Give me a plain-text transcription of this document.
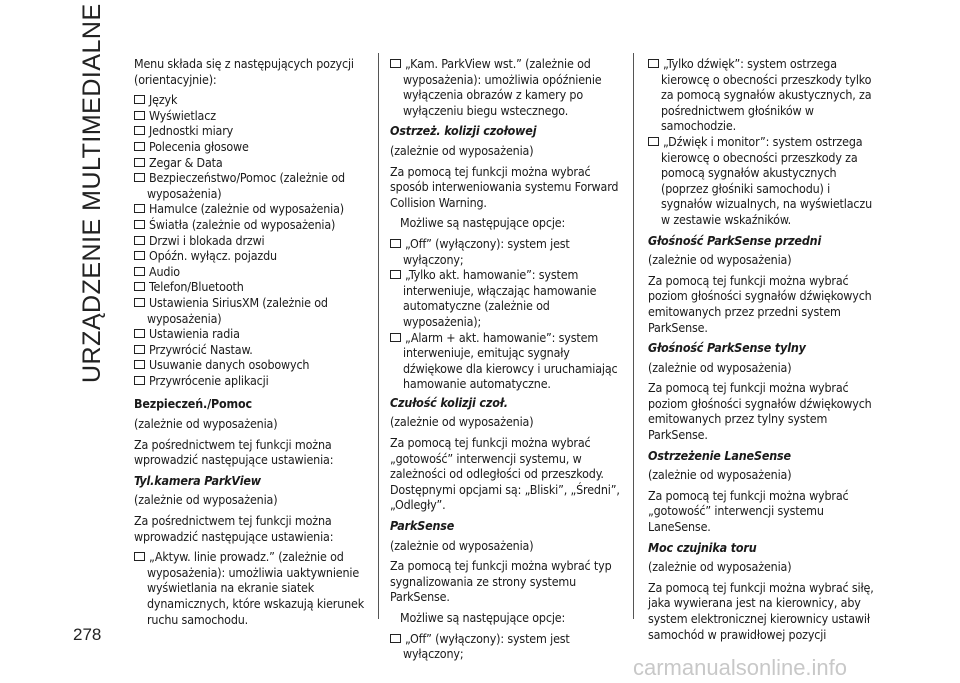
URZĄDZENIE MULTIMEDIALNE
278
carmanualsonline.info

Menu składa się z następujących pozycji (orientacyjnie):

Język
Wyświetlacz
Jednostki miary
Polecenia głosowe
Zegar & Data
Bezpieczeństwo/Pomoc (zależnie od wyposażenia)
Hamulce (zależnie od wyposażenia)
Światła (zależnie od wyposażenia)
Drzwi i blokada drzwi
Opóźn. wyłącz. pojazdu
Audio
Telefon/Bluetooth
Ustawienia SiriusXM (zależnie od wyposażenia)
Ustawienia radia
Przywrócić Nastaw.
Usuwanie danych osobowych
Przywrócenie aplikacji

Bezpieczeń./Pomoc

(zależnie od wyposażenia)

Za pośrednictwem tej funkcji można wprowadzić następujące ustawienia:

Tyl.kamera ParkView

(zależnie od wyposażenia)

Za pośrednictwem tej funkcji można wprowadzić następujące ustawienia:

„Aktyw. linie prowadz.” (zależnie od wyposażenia): umożliwia uaktywnienie wyświetlania na ekranie siatek dynamicznych, które wskazują kierunek ruchu samochodu.
„Kam. ParkView wst.” (zależnie od wyposażenia): umożliwia opóźnienie wyłączenia obrazów z kamery po wyłączeniu biegu wstecznego.

Ostrzeż. kolizji czołowej

(zależnie od wyposażenia)

Za pomocą tej funkcji można wybrać sposób interweniowania systemu Forward Collision Warning.

Możliwe są następujące opcje:

„Off” (wyłączony): system jest wyłączony;
„Tylko akt. hamowanie”: system interweniuje, włączając hamowanie automatyczne (zależnie od wyposażenia);
„Alarm + akt. hamowanie”: system interweniuje, emitując sygnały dźwiękowe dla kierowcy i uruchamiając hamowanie automatyczne.

Czułość kolizji czoł.

(zależnie od wyposażenia)

Za pomocą tej funkcji można wybrać „gotowość” interwencji systemu, w zależności od odległości od przeszkody. Dostępnymi opcjami są: „Bliski”, „Średni”, „Odległy”.

ParkSense

(zależnie od wyposażenia)

Za pomocą tej funkcji można wybrać typ sygnalizowania ze strony systemu ParkSense.

Możliwe są następujące opcje:

„Off” (wyłączony): system jest wyłączony;
„Tylko dźwięk”: system ostrzega kierowcę o obecności przeszkody tylko za pomocą sygnałów akustycznych, za pośrednictwem głośników w samochodzie.
„Dźwięk i monitor”: system ostrzega kierowcę o obecności przeszkody za pomocą sygnałów akustycznych (poprzez głośniki samochodu) i sygnałów wizualnych, na wyświetlaczu w zestawie wskaźników.

Głośność ParkSense przedni

(zależnie od wyposażenia)

Za pomocą tej funkcji można wybrać poziom głośności sygnałów dźwiękowych emitowanych przez przedni system ParkSense.

Głośność ParkSense tylny

(zależnie od wyposażenia)

Za pomocą tej funkcji można wybrać poziom głośności sygnałów dźwiękowych emitowanych przez tylny system ParkSense.

Ostrzeżenie LaneSense

(zależnie od wyposażenia)

Za pomocą tej funkcji można wybrać „gotowość” interwencji systemu LaneSense.

Moc czujnika toru

(zależnie od wyposażenia)

Za pomocą tej funkcji można wybrać siłę, jaka wywierana jest na kierownicy, aby system elektronicznej kierownicy ustawił samochód w prawidłowej pozycji
